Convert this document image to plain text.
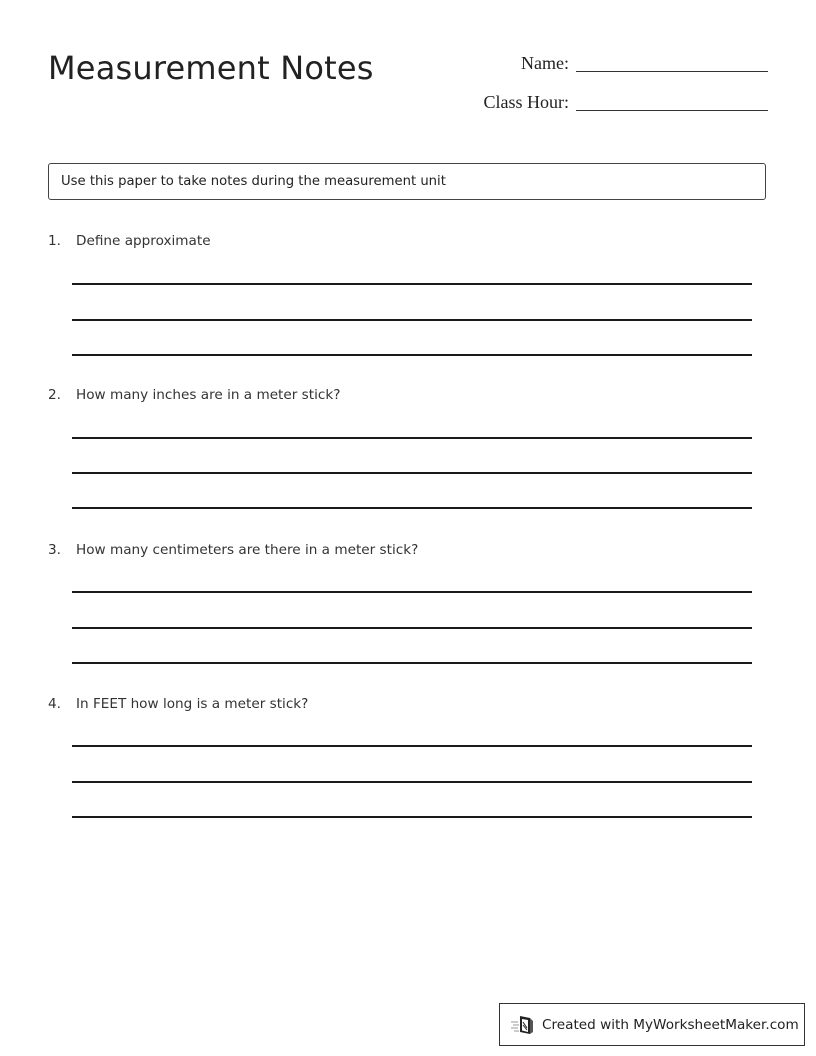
Measurement Notes	Name:
Class Hour:
Use this paper to take notes during the measurement unit
1.	Define approximate
2.	How many inches are in a meter stick?
3.	How many centimeters are there in a meter stick?
4.	In FEET how long is a meter stick?
Created with MyWorksheetMaker.com
